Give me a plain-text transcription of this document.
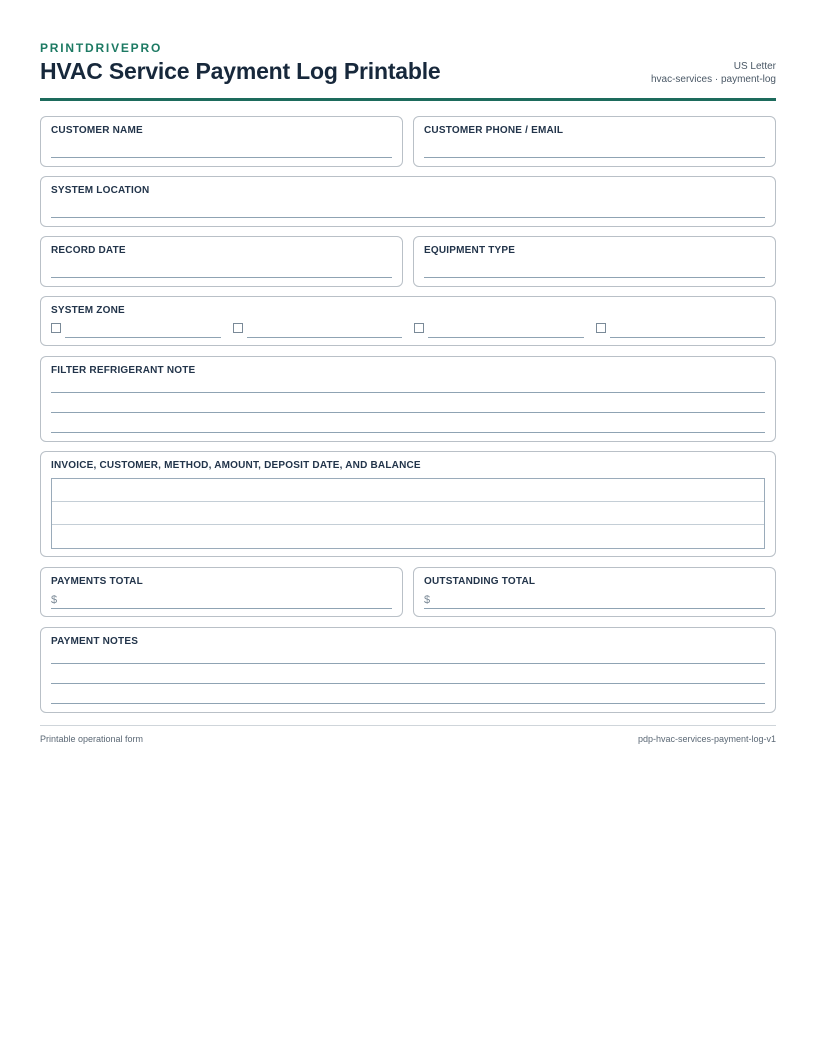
PRINTDRIVEPRO
HVAC Service Payment Log Printable	US Letter
hvac-services · payment-log
CUSTOMER NAME	CUSTOMER PHONE / EMAIL
SYSTEM LOCATION
RECORD DATE	EQUIPMENT TYPE
SYSTEM ZONE
FILTER REFRIGERANT NOTE
INVOICE, CUSTOMER, METHOD, AMOUNT, DEPOSIT DATE, AND BALANCE
PAYMENTS TOTAL
$
OUTSTANDING TOTAL
$
PAYMENT NOTES
Printable operational form	pdp-hvac-services-payment-log-v1
